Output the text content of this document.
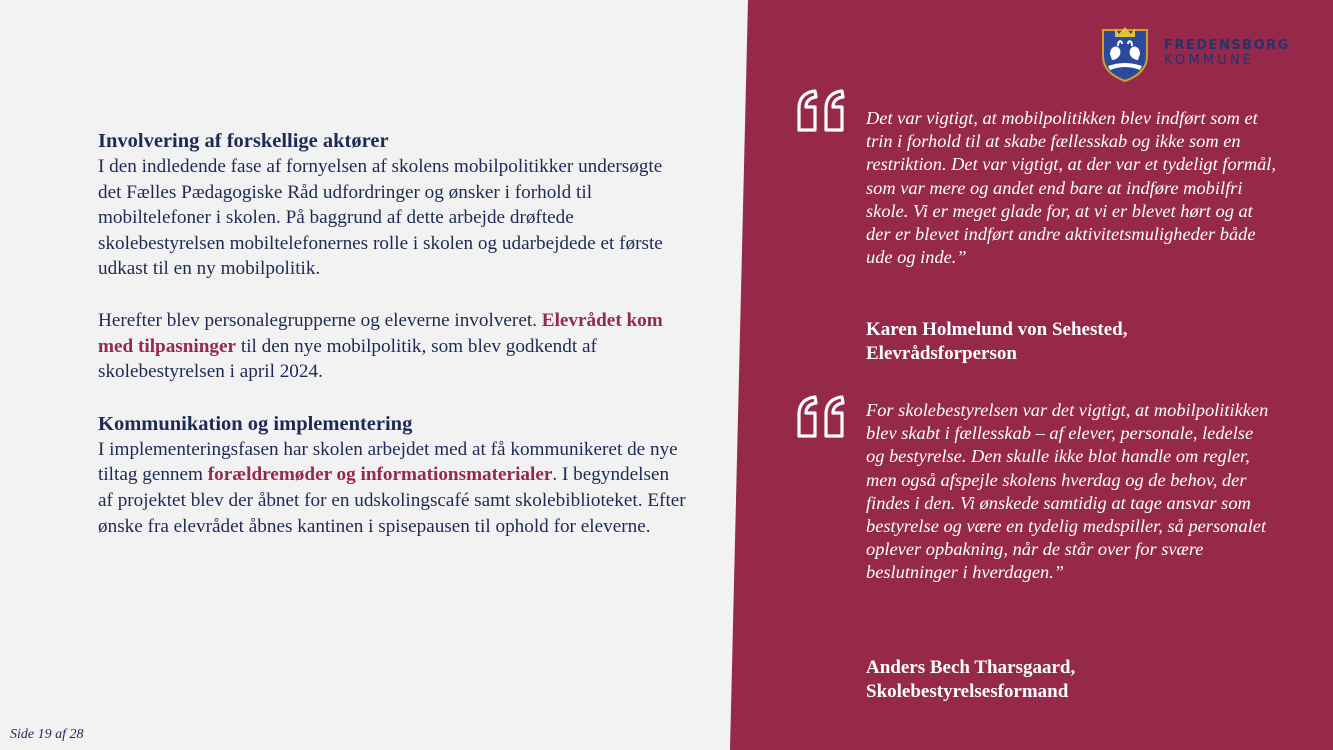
FREDENSBORG
KOMMUNE
Involvering af forskellige aktører

I den indledende fase af fornyelsen af skolens mobilpolitikker undersøgte det Fælles Pædagogiske Råd udfordringer og ønsker i forhold til mobiltelefoner i skolen. På baggrund af dette arbejde drøftede skolebestyrelsen mobiltelefonernes rolle i skolen og udarbejdede et første udkast til en ny mobilpolitik.

Herefter blev personalegrupperne og eleverne involveret. Elevrådet kom med tilpasninger til den nye mobilpolitik, som blev godkendt af skolebestyrelsen i april 2024.

Kommunikation og implementering

I implementeringsfasen har skolen arbejdet med at få kommunikeret de nye tiltag gennem forældremøder og informationsmaterialer. I begyndelsen af projektet blev der åbnet for en udskolingscafé samt skolebiblioteket. Efter ønske fra elevrådet åbnes kantinen i spisepausen til ophold for eleverne.

Det var vigtigt, at mobilpolitikken blev indført som et trin i forhold til at skabe fællesskab og ikke som en restriktion. Det var vigtigt, at der var et tydeligt formål, som var mere og andet end bare at indføre mobilfri skole. Vi er meget glade for, at vi er blevet hørt og at der er blevet indført andre aktivitetsmuligheder både ude og inde.”
Karen Holmelund von Sehested,
Elevrådsforperson
For skolebestyrelsen var det vigtigt, at mobilpolitikken blev skabt i fællesskab – af elever, personale, ledelse og bestyrelse. Den skulle ikke blot handle om regler, men også afspejle skolens hverdag og de behov, der findes i den. Vi ønskede samtidig at tage ansvar som bestyrelse og være en tydelig medspiller, så personalet oplever opbakning, når de står over for svære beslutninger i hverdagen.”
Anders Bech Tharsgaard,
Skolebestyrelsesformand
Side 19 af 28
